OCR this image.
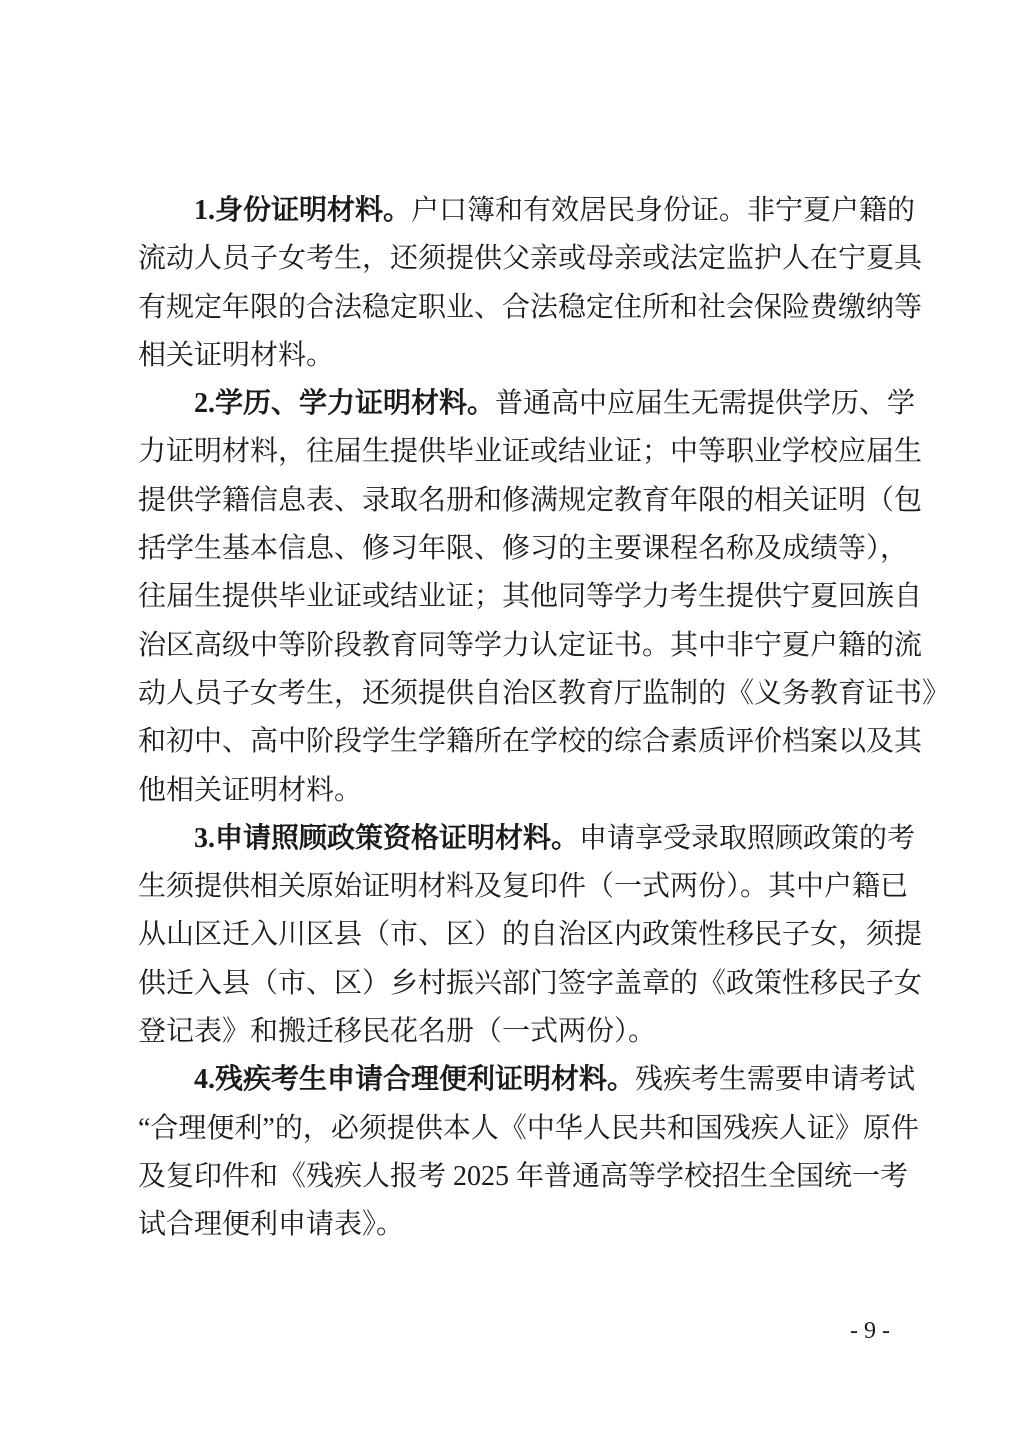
1.身份证明材料。户口簿和有效居民身份证。非宁夏户籍的
流动人员子女考生，还须提供父亲或母亲或法定监护人在宁夏具
有规定年限的合法稳定职业、合法稳定住所和社会保险费缴纳等
相关证明材料。
2.学历、学力证明材料。普通高中应届生无需提供学历、学
力证明材料，往届生提供毕业证或结业证；中等职业学校应届生
提供学籍信息表、录取名册和修满规定教育年限的相关证明（包
括学生基本信息、修习年限、修习的主要课程名称及成绩等），
往届生提供毕业证或结业证；其他同等学力考生提供宁夏回族自
治区高级中等阶段教育同等学力认定证书。其中非宁夏户籍的流
动人员子女考生，还须提供自治区教育厅监制的《义务教育证书》
和初中、高中阶段学生学籍所在学校的综合素质评价档案以及其
他相关证明材料。
3.申请照顾政策资格证明材料。申请享受录取照顾政策的考
生须提供相关原始证明材料及复印件（一式两份）。其中户籍已
从山区迁入川区县（市、区）的自治区内政策性移民子女，须提
供迁入县（市、区）乡村振兴部门签字盖章的《政策性移民子女
登记表》和搬迁移民花名册（一式两份）。
4.残疾考生申请合理便利证明材料。残疾考生需要申请考试
“合理便利”的，必须提供本人《中华人民共和国残疾人证》原件
及复印件和《残疾人报考 2025 年普通高等学校招生全国统一考
试合理便利申请表》。
- 9 -
